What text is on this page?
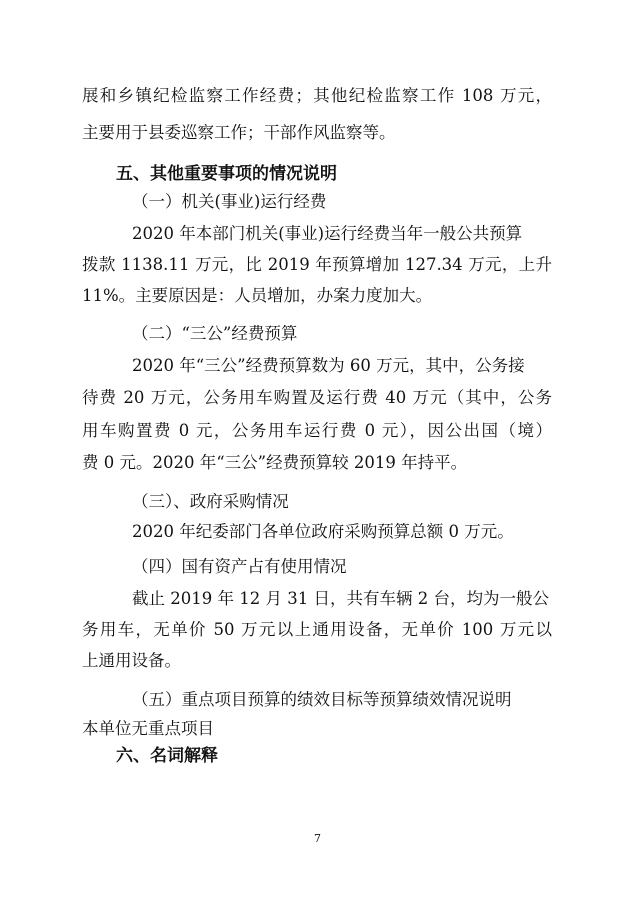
展和乡镇纪检监察工作经费；其他纪检监察工作 108 万元，
主要用于县委巡察工作；干部作风监察等。
五、其他重要事项的情况说明
（一）机关(事业)运行经费
2020 年本部门机关(事业)运行经费当年一般公共预算
拨款 1138.11 万元，比 2019 年预算增加 127.34 万元，上升
11%。主要原因是：人员增加，办案力度加大。
（二）“三公”经费预算
2020 年“三公”经费预算数为 60 万元，其中，公务接
待费 20 万元，公务用车购置及运行费 40 万元（其中，公务
用车购置费 0 元，公务用车运行费 0 元），因公出国（境）
费 0 元。2020 年“三公”经费预算较 2019 年持平。
（三）、政府采购情况
2020 年纪委部门各单位政府采购预算总额 0 万元。
（四）国有资产占有使用情况
截止 2019 年 12 月 31 日，共有车辆 2 台，均为一般公
务用车，无单价 50 万元以上通用设备，无单价 100 万元以
上通用设备。
（五）重点项目预算的绩效目标等预算绩效情况说明
本单位无重点项目
六、名词解释
7
